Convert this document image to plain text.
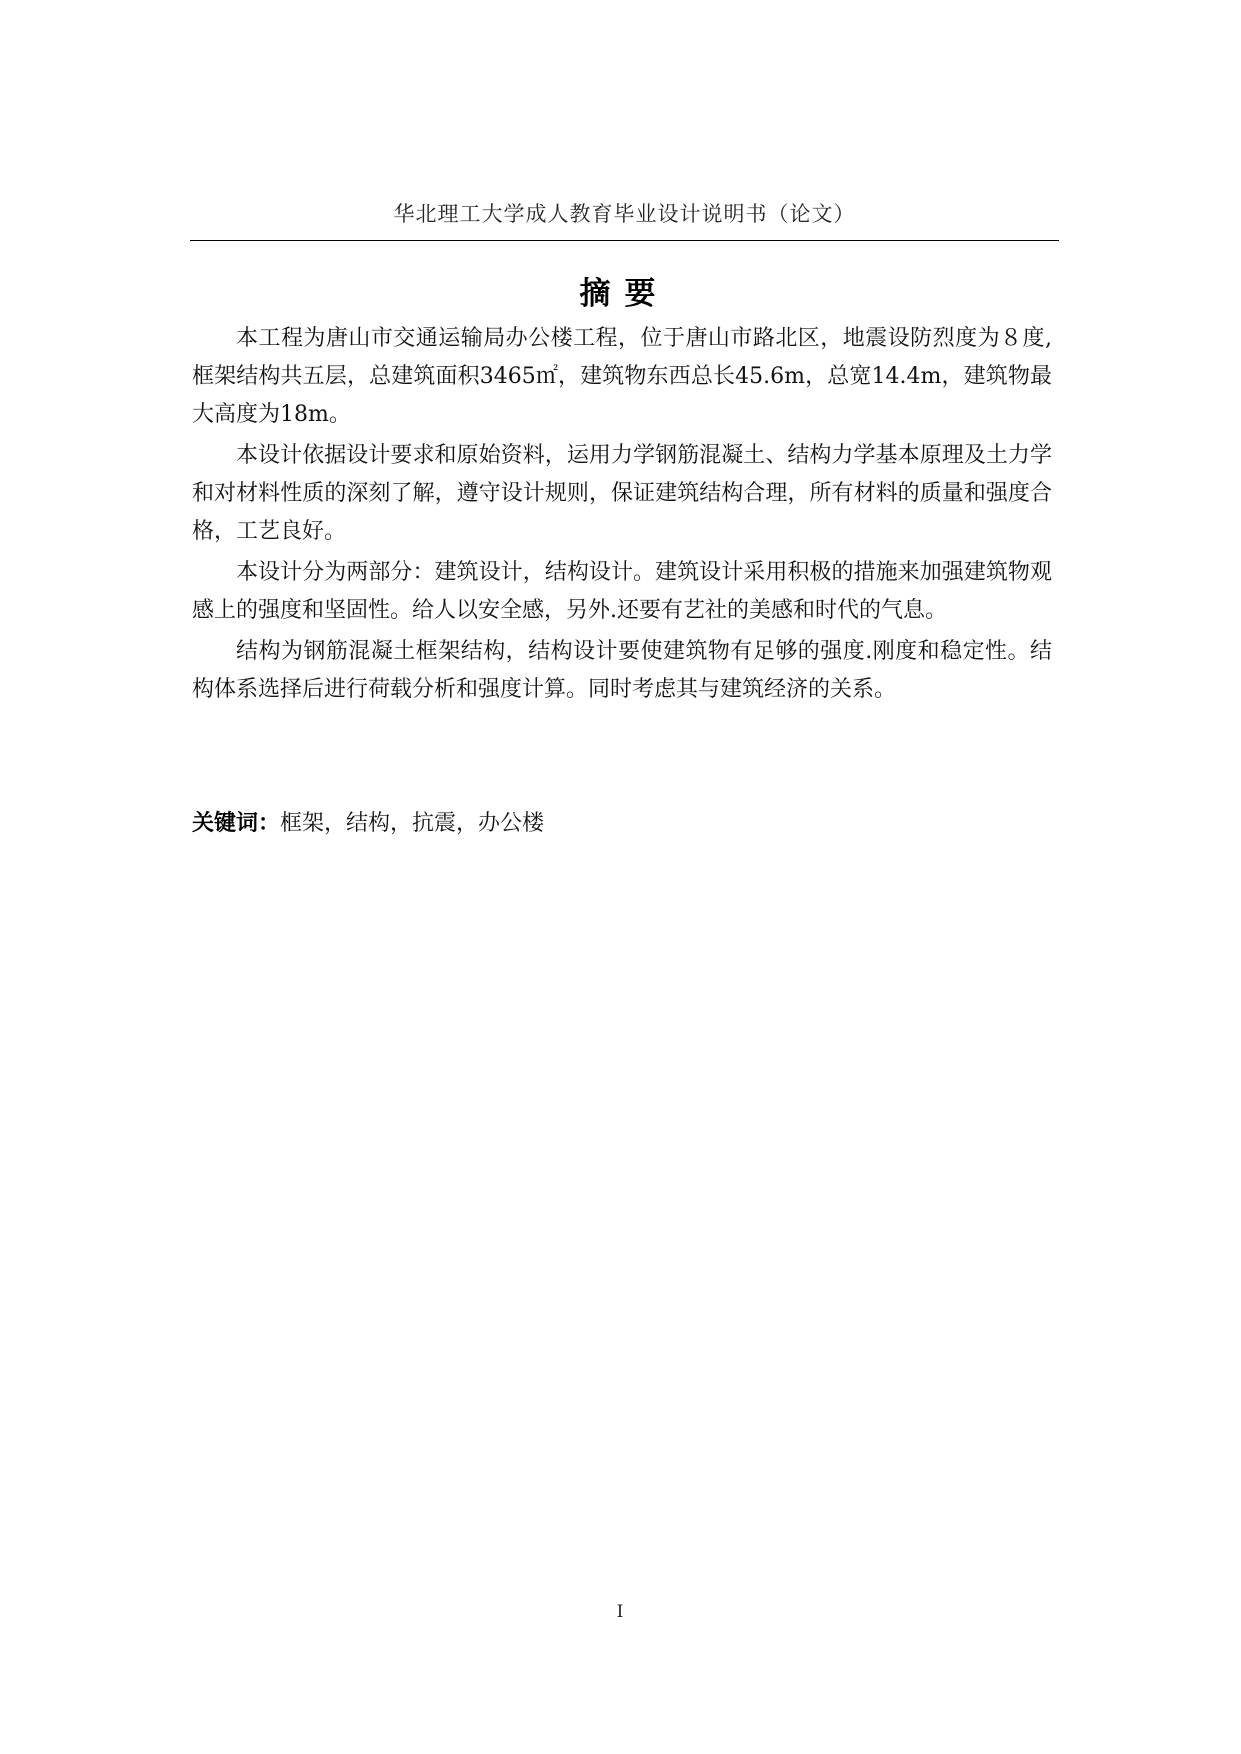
华北理工大学成人教育毕业设计说明书（论文）
摘要

本工程为唐山市交通运输局办公楼工程，位于唐山市路北区，地震设防烈度为８度,框架结构共五层，总建筑面积3465㎡，建筑物东西总长45.6m，总宽14.4m，建筑物最大高度为18m。

本设计依据设计要求和原始资料，运用力学钢筋混凝土、结构力学基本原理及土力学和对材料性质的深刻了解，遵守设计规则，保证建筑结构合理，所有材料的质量和强度合格，工艺良好。

本设计分为两部分：建筑设计，结构设计。建筑设计采用积极的措施来加强建筑物观感上的强度和坚固性。给人以安全感，另外.还要有艺社的美感和时代的气息。

结构为钢筋混凝土框架结构，结构设计要使建筑物有足够的强度.刚度和稳定性。结构体系选择后进行荷载分析和强度计算。同时考虑其与建筑经济的关系。

关键词：框架，结构，抗震，办公楼
I
